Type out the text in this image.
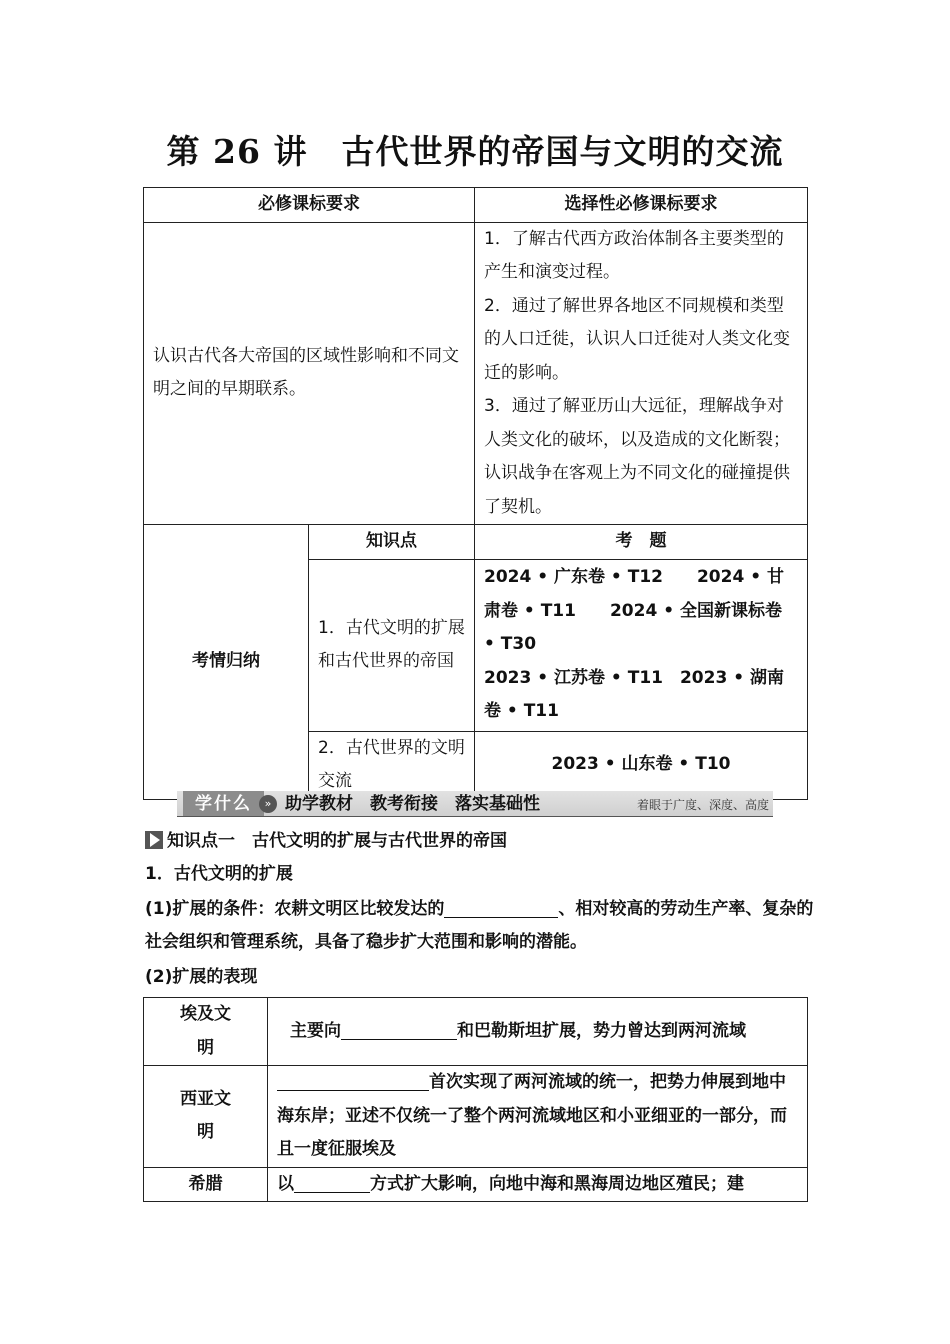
第 26 讲　古代世界的帝国与文明的交流
必修课标要求		选择性必修课标要求
认识古代各大帝国的区域性影响和不同文明之间的早期联系。		1．了解古代西方政治体制各主要类型的产生和演变过程。
2．通过了解世界各地区不同规模和类型的人口迁徙，认识人口迁徙对人类文化变迁的影响。
3．通过了解亚历山大远征，理解战争对人类文化的破坏，以及造成的文化断裂；认识战争在客观上为不同文化的碰撞提供了契机。

考情归纳	知识点	考　题
	1．古代文明的扩展和古代世界的帝国	2024 • 广东卷 • T12　　2024 • 甘肃卷 • T11　　2024 • 全国新课标卷 • T30
2023 • 江苏卷 • T11　2023 • 湖南卷 • T11

	2．古代世界的文明交流	2023 • 山东卷 • T10
学什么	» 助学教材　教考衔接　落实基础性	着眼于广度、深度、高度
知识点一　古代文明的扩展与古代世界的帝国
1．古代文明的扩展
(1)扩展的条件：农耕文明区比较发达的	、相对较高的劳动生产率、复杂的社会组织和管理系统，具备了稳步扩大范围和影响的潜能。
(2)扩展的表现
埃及文明	主要向 和巴勒斯坦扩展，势力曾达到两河流域
西亚文明	首次实现了两河流域的统一，把势力伸展到地中海东岸；亚述不仅统一了整个两河流域地区和小亚细亚的一部分，而且一度征服埃及
希腊	以 方式扩大影响，向地中海和黑海周边地区殖民；建
